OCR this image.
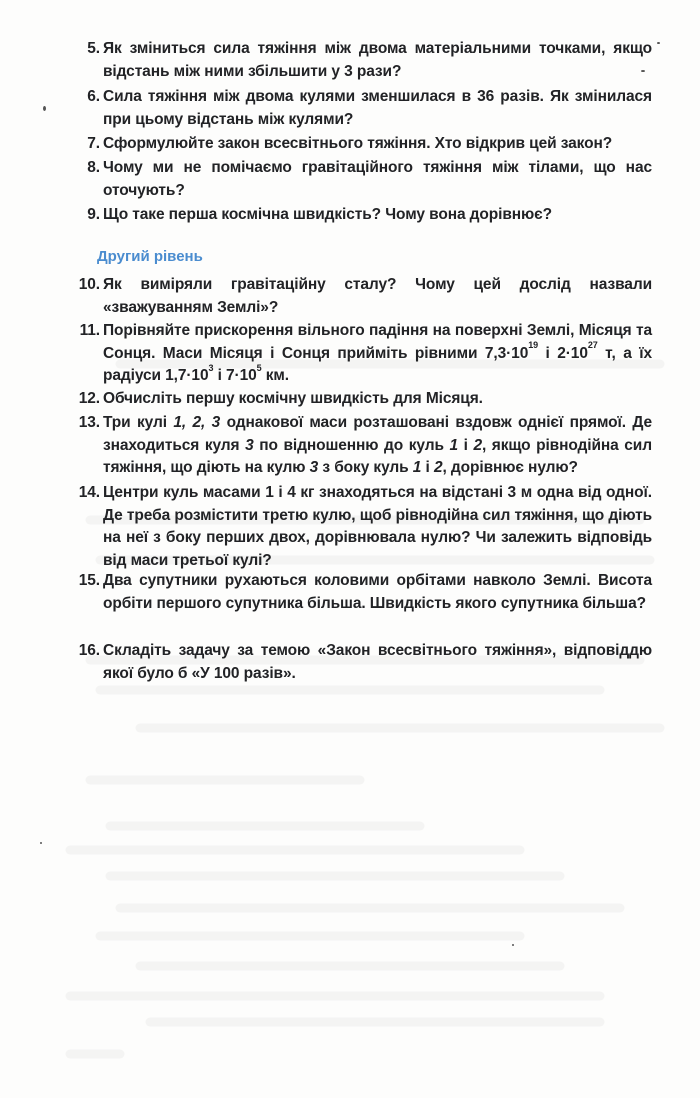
5. Як зміниться сила тяжіння між двома матеріальними точками, якщо відстань між ними збільшити у 3 рази?
6. Сила тяжіння між двома кулями зменшилася в 36 разів. Як змінилася при цьому відстань між кулями?
7. Сформулюйте закон всесвітнього тяжіння. Хто відкрив цей закон?
8. Чому ми не помічаємо гравітаційного тяжіння між тілами, що нас оточують?
9. Що таке перша космічна швидкість? Чому вона дорівнює?
Другий рівень
10. Як виміряли гравітаційну сталу? Чому цей дослід назвали «зважуванням Землі»?
11. Порівняйте прискорення вільного падіння на поверхні Землі, Місяця та Сонця. Маси Місяця і Сонця прийміть рівними $7,3\cdot 10^{19}$ і $2\cdot 10^{27}$ т, а їх радіуси $1,7\cdot 10^3$ і $7\cdot 10^5$ км.
12. Обчисліть першу космічну швидкість для Місяця.
13. Три кулі 1, 2, 3 однакової маси розташовані вздовж однієї прямої. Де знаходиться куля 3 по відношенню до куль 1 і 2, якщо рівнодійна сил тяжіння, що діють на кулю 3 з боку куль 1 і 2, дорівнює нулю?
14. Центри куль масами 1 і 4 кг знаходяться на відстані 3 м одна від одної. Де треба розмістити третю кулю, щоб рівнодійна сил тяжіння, що діють на неї з боку перших двох, дорівнювала нулю? Чи залежить відповідь від маси третьої кулі?
15. Два супутники рухаються коловими орбітами навколо Землі. Висота орбіти першого супутника більша. Швидкість якого супутника більша?
16. Складіть задачу за темою «Закон всесвітнього тяжіння», відповіддю якої було б «У 100 разів».
